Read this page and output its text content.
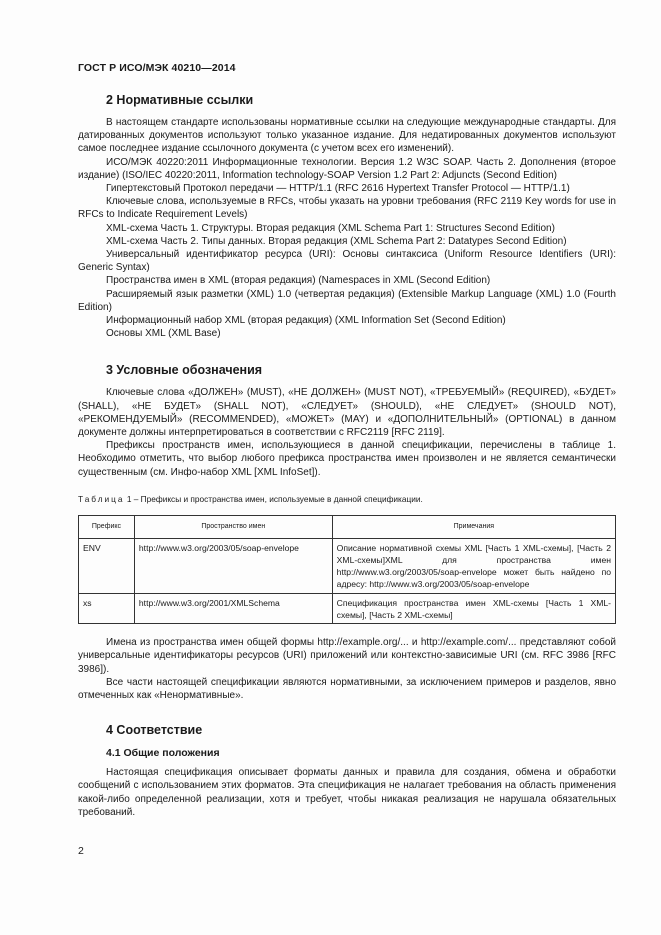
ГОСТ Р ИСО/МЭК 40210—2014
2 Нормативные ссылки

В настоящем стандарте использованы нормативные ссылки на следующие международные стандарты. Для датированных документов используют только указанное издание. Для недатированных документов используют самое последнее издание ссылочного документа (с учетом всех его изменений).

ИСО/МЭК 40220:2011 Информационные технологии. Версия 1.2 W3C SOAP. Часть 2. Дополнения (второе издание) (ISO/IEC 40220:2011, Information technology-SOAP Version 1.2 Part 2: Adjuncts (Second Edition)

Гипертекстовый Протокол передачи — HTTP/1.1 (RFC 2616 Hypertext Transfer Protocol — HTTP/1.1)

Ключевые слова, используемые в RFCs, чтобы указать на уровни требования (RFC 2119 Key words for use in RFCs to Indicate Requirement Levels)

XML-схема Часть 1. Структуры. Вторая редакция (XML Schema Part 1: Structures Second Edition)

XML-схема Часть 2. Типы данных. Вторая редакция (XML Schema Part 2: Datatypes Second Edition)

Универсальный идентификатор ресурса (URI): Основы синтаксиса (Uniform Resource Identifiers (URI): Generic Syntax)

Пространства имен в XML (вторая редакция) (Namespaces in XML (Second Edition)

Расширяемый язык разметки (XML) 1.0 (четвертая редакция) (Extensible Markup Language (XML) 1.0 (Fourth Edition)

Информационный набор XML (вторая редакция) (XML Information Set (Second Edition)

Основы XML (XML Base)

3 Условные обозначения

Ключевые слова «ДОЛЖЕН» (MUST), «НЕ ДОЛЖЕН» (MUST NOT), «ТРЕБУЕМЫЙ» (REQUIRED), «БУДЕТ» (SHALL), «НЕ БУДЕТ» (SHALL NOT), «СЛЕДУЕТ» (SHOULD), «НЕ СЛЕДУЕТ» (SHOULD NOT), «РЕКОМЕНДУЕМЫЙ» (RECOMMENDED), «МОЖЕТ» (MAY) и «ДОПОЛНИТЕЛЬНЫЙ» (OPTIONAL) в данном документе должны интерпретироваться в соответствии с RFC2119 [RFC 2119].

Префиксы пространств имен, использующиеся в данной спецификации, перечислены в таблице 1. Необходимо отметить, что выбор любого префикса пространства имен произволен и не является семантически существенным (см. Инфо-набор XML [XML InfoSet]).

Таблица 1 – Префиксы и пространства имен, используемые в данной спецификации.
Префикс	Пространство имен	Примечания
ENV	http://www.w3.org/2003/05/soap-envelope	Описание нормативной схемы XML [Часть 1 XML-схемы], [Часть 2 XML-схемы]XML для пространства имен http://www.w3.org/2003/05/soap-envelope может быть найдено по адресу: http://www.w3.org/2003/05/soap-envelope
xs	http://www.w3.org/2001/XMLSchema	Спецификация пространства имен XML-схемы [Часть 1 XML-схемы], [Часть 2 XML-схемы]

Имена из пространства имен общей формы http://example.org/... и http://example.com/... представляют собой универсальные идентификаторы ресурсов (URI) приложений или контекстно-зависимые URI (см. RFC 3986 [RFC 3986]).

Все части настоящей спецификации являются нормативными, за исключением примеров и разделов, явно отмеченных как «Ненормативные».

4 Соответствие
4.1 Общие положения

Настоящая спецификация описывает форматы данных и правила для создания, обмена и обработки сообщений с использованием этих форматов. Эта спецификация не налагает требования на область применения какой-либо определенной реализации, хотя и требует, чтобы никакая реализация не нарушала обязательных требований.

2
